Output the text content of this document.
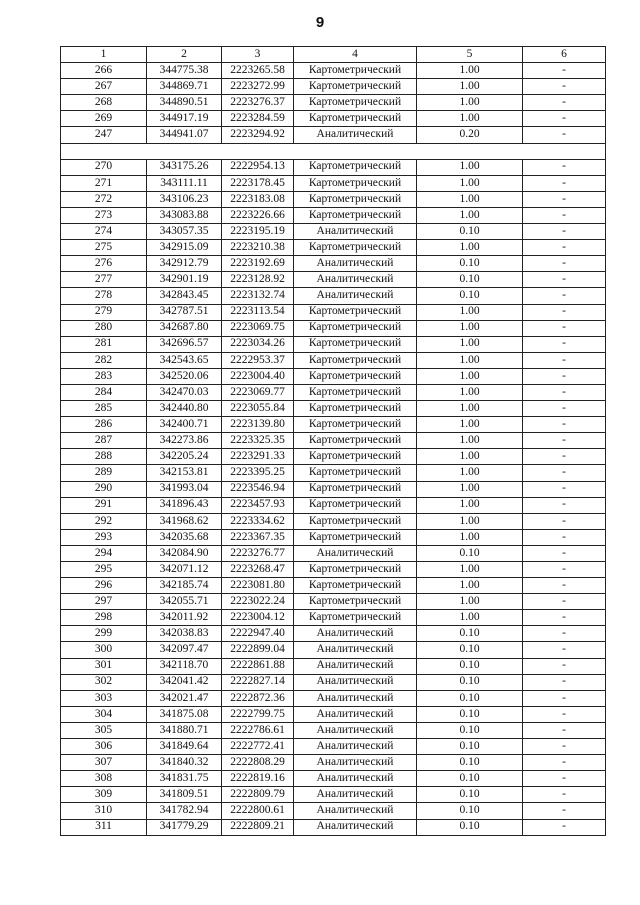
9
1	2	3	4	5	6
266	344775.38	2223265.58	Картометрический	1.00	-
267	344869.71	2223272.99	Картометрический	1.00	-
268	344890.51	2223276.37	Картометрический	1.00	-
269	344917.19	2223284.59	Картометрический	1.00	-
247	344941.07	2223294.92	Аналитический	0.20	-

270	343175.26	2222954.13	Картометрический	1.00	-
271	343111.11	2223178.45	Картометрический	1.00	-
272	343106.23	2223183.08	Картометрический	1.00	-
273	343083.88	2223226.66	Картометрический	1.00	-
274	343057.35	2223195.19	Аналитический	0.10	-
275	342915.09	2223210.38	Картометрический	1.00	-
276	342912.79	2223192.69	Аналитический	0.10	-
277	342901.19	2223128.92	Аналитический	0.10	-
278	342843.45	2223132.74	Аналитический	0.10	-
279	342787.51	2223113.54	Картометрический	1.00	-
280	342687.80	2223069.75	Картометрический	1.00	-
281	342696.57	2223034.26	Картометрический	1.00	-
282	342543.65	2222953.37	Картометрический	1.00	-
283	342520.06	2223004.40	Картометрический	1.00	-
284	342470.03	2223069.77	Картометрический	1.00	-
285	342440.80	2223055.84	Картометрический	1.00	-
286	342400.71	2223139.80	Картометрический	1.00	-
287	342273.86	2223325.35	Картометрический	1.00	-
288	342205.24	2223291.33	Картометрический	1.00	-
289	342153.81	2223395.25	Картометрический	1.00	-
290	341993.04	2223546.94	Картометрический	1.00	-
291	341896.43	2223457.93	Картометрический	1.00	-
292	341968.62	2223334.62	Картометрический	1.00	-
293	342035.68	2223367.35	Картометрический	1.00	-
294	342084.90	2223276.77	Аналитический	0.10	-
295	342071.12	2223268.47	Картометрический	1.00	-
296	342185.74	2223081.80	Картометрический	1.00	-
297	342055.71	2223022.24	Картометрический	1.00	-
298	342011.92	2223004.12	Картометрический	1.00	-
299	342038.83	2222947.40	Аналитический	0.10	-
300	342097.47	2222899.04	Аналитический	0.10	-
301	342118.70	2222861.88	Аналитический	0.10	-
302	342041.42	2222827.14	Аналитический	0.10	-
303	342021.47	2222872.36	Аналитический	0.10	-
304	341875.08	2222799.75	Аналитический	0.10	-
305	341880.71	2222786.61	Аналитический	0.10	-
306	341849.64	2222772.41	Аналитический	0.10	-
307	341840.32	2222808.29	Аналитический	0.10	-
308	341831.75	2222819.16	Аналитический	0.10	-
309	341809.51	2222809.79	Аналитический	0.10	-
310	341782.94	2222800.61	Аналитический	0.10	-
311	341779.29	2222809.21	Аналитический	0.10	-
